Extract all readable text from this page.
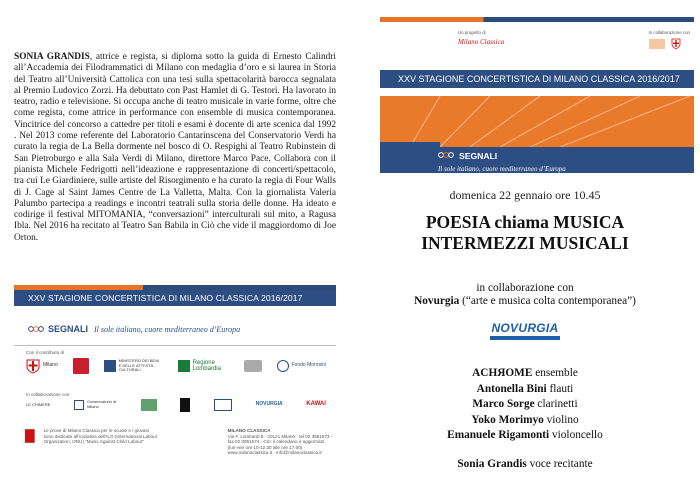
SONIA GRANDIS, attrice e regista, si diploma sotto la guida di Ernesto Calindri all’Accademia dei Filodrammatici di Milano con medaglia d’oro e si laurea in Storia del Teatro all’Università Cattolica con una tesi sulla spettacolarità barocca segnalata al Premio Ludovico Zorzi. Ha debuttato con Past Hamlet di G. Testori. Ha lavorato in teatro, radio e televisione. Si occupa anche di teatro musicale in varie forme, oltre che come regista, come attrice in performance con ensemble di musica contemporanea. Vincitrice del concorso a cattedre per titoli e esami è docente di arte scenica dal 1992 . Nel 2013 come referente del Laboratorio Cantarinscena del Conservatorio Verdi ha curato la regia de La Bella dormente nel bosco di O. Respighi al Teatro Rubinstein di San Pietroburgo e alla Sala Verdi di Milano, direttore Marco Pace. Collabora con il pianista Michele Fedrigotti nell’ideazione e rappresentazione di concerti/spettacolo, tra cui Le Giardiniere, sulle artiste del Risorgimento e ha curato la regia di Four Walls di J. Cage al Saint James Centre de La Valletta, Malta. Con la giornalista Valeria Palumbo partecipa a readings e incontri teatrali sulla storia delle donne. Ha ideato e codirige il festival MITOMANIA, “conversazioni” interculturali sul mito, a Ragusa Ibla. Nel 2016 ha recitato al Teatro San Babila in Ciò che vide il maggiordomo di Joe Orton.

XXV STAGIONE CONCERTISTICA DI MILANO CLASSICA 2016/2017
SEGNALI Il sole italiano, cuore mediterraneo d’Europa
Con il contributo di
Milano
MINISTERO DEI BENI E DELLE ATTIVITÀ CULTURALI
Regione Lombardia
Fondo Morosini
In collaborazione con
LE CHIMERE
Conservatorio di Milano	NOVURGIA	KAWAI
Le prove di Milano Classica per le scuole e i giovani sono dedicate all’iniziativa dell’ILO (International Labour Organization, ONU) “Music Against Child Labour”
MILANO CLASSICA
Via F. Lombardi 8 - 20121 Milano · tel 02 3951573 - fax 02 3951574 · Cm: il calendario è aggiornato (lun-ven ore 10-12.30 alle ore 17.00) · www.milanoclassica.it - info@milanoclassica.it
Un progetto di
Milano Classica
In collaborazione con
XXV STAGIONE CONCERTISTICA DI MILANO CLASSICA 2016/2017
SEGNALI
Il sole italiano, cuore mediterraneo d’Europa
domenica 22 gennaio ore 10.45
POESIA chiama MUSICA
INTERMEZZI MUSICALI
in collaborazione con
Novurgia (“arte e musica colta contemporanea”)
NOVURGIA
ACHЯOME ensemble
Antonella Bini flauti
Marco Sorge clarinetti
Yoko Morimyo violino
Emanuele Rigamonti violoncello
Sonia Grandis voce recitante
